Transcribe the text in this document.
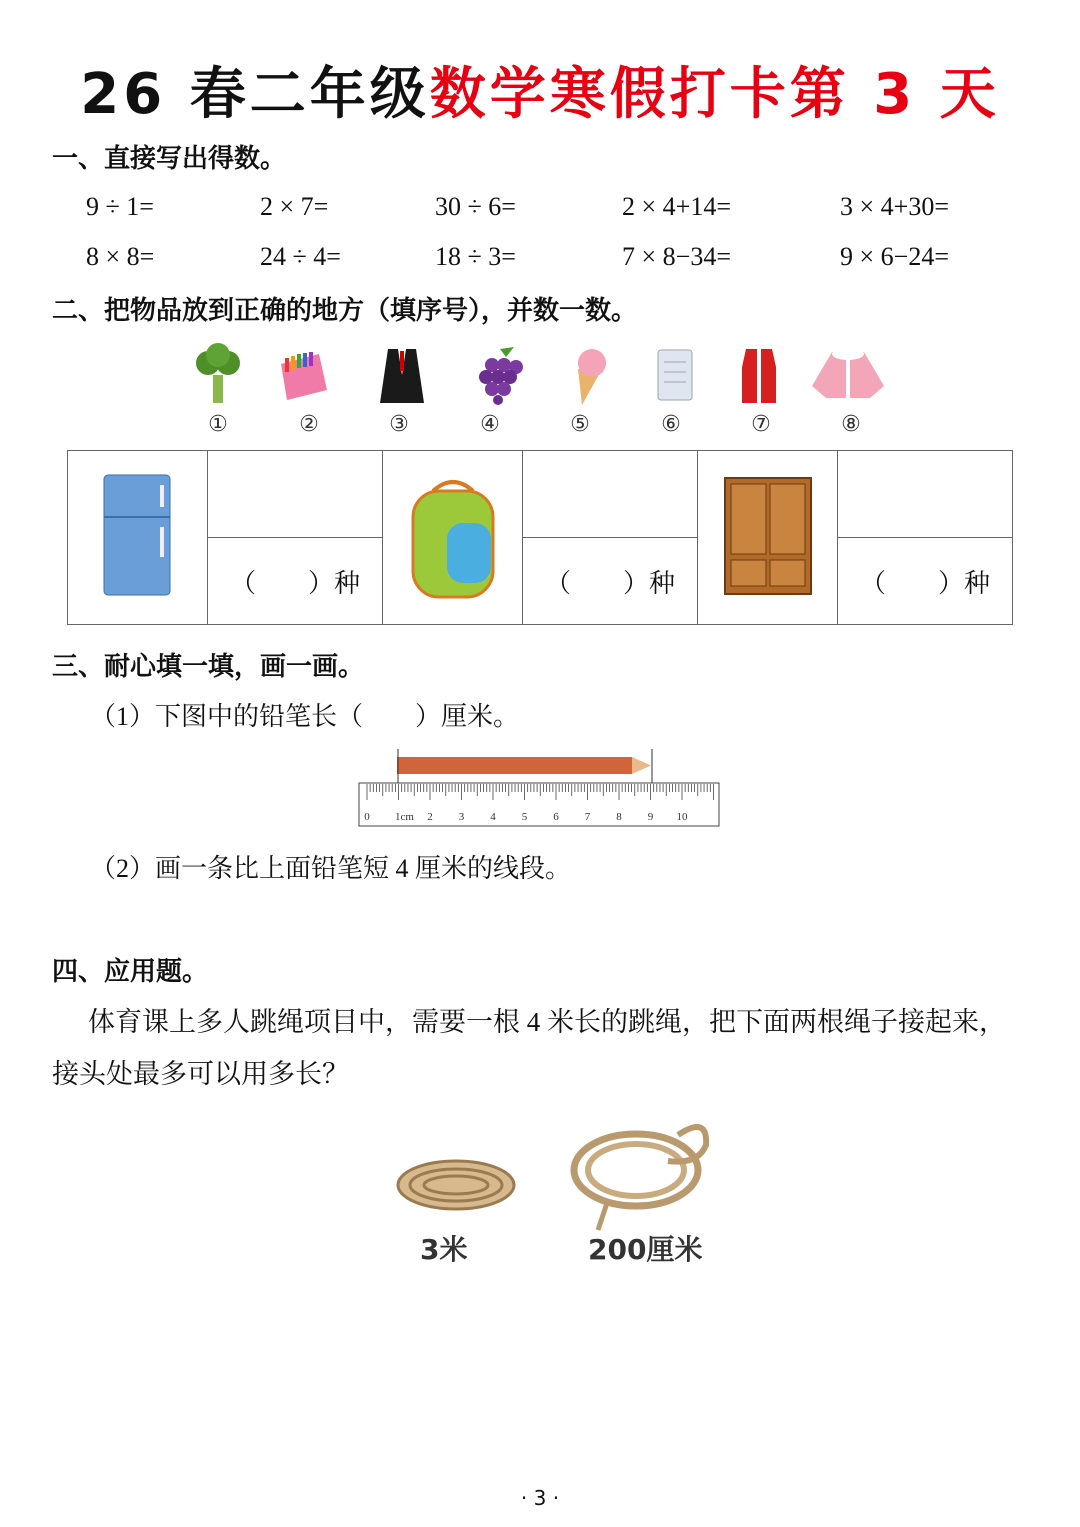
26 春二年级数学寒假打卡第 3 天
一、直接写出得数。
9 ÷ 1=	2 × 7=	30 ÷ 6=	2 × 4+14=	3 × 4+30=
8 × 8=	24 ÷ 4=	18 ÷ 3=	7 × 8−34=	9 × 6−24=
二、把物品放到正确的地方（填序号），并数一数。
①	②	③	④	⑤	⑥	⑦	⑧

	（　　）种		（　　）种		（　　）种
三、耐心填一填，画一画。
（1）下图中的铅笔长（　　）厘米。
0 1cm 2 3 4 5 6 7 8 9 10
（2）画一条比上面铅笔短 4 厘米的线段。
四、应用题。
体育课上多人跳绳项目中，需要一根 4 米长的跳绳，把下面两根绳子接起来，
接头处最多可以用多长？
3米	200厘米
· 3 ·
